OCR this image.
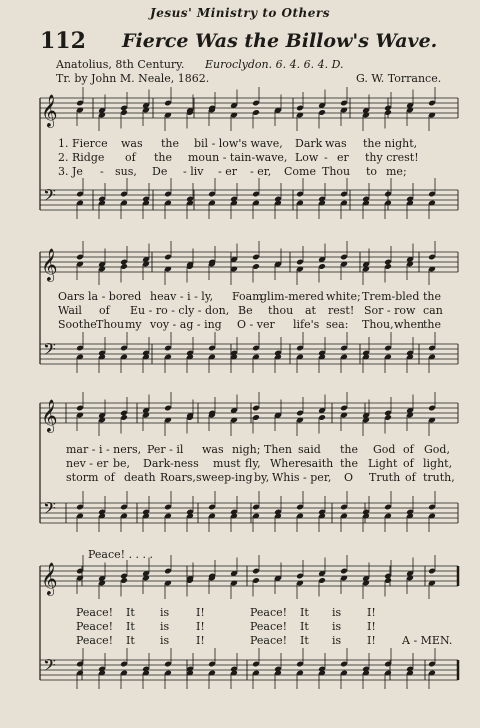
Jesus' Ministry to Others
112 Fierce Was the Billow's Wave.
Anatolius, 8th Century. Euroclydon. 6. 4. 6. 4. D.
Tr. by John M. Neale, 1862.	G. W. Torrance.
𝄞
𝄢
𝄞
𝄢
𝄞
𝄢
𝄞
𝄢
1. Fierce was the bil - low's wave, Dark was the night,
2. Ridge of the moun - tain-wave, Low - er thy crest!
3. Je - sus, De - liv - er - er, Come Thou to me;
Oars la - bored heav - i - ly, Foam
glim-mered white; Trem-bled the
Wail of Eu - ro - cly - don, Be thou at rest! Sor - row can
Soothe Thou my voy - ag - ing O - ver life's sea: Thou, when
the
mar - i - ners, Per - il was nigh; Then said the God of God,
nev - er be, Dark-ness must fly, Where saith the Light of light,
storm of death Roars, sweep-ing by, Whis - per, O Truth of truth,
Peace! . . . .
Peace! It is I!	Peace! It is I!
Peace! It is I!	Peace! It is I!
Peace! It is I!	Peace! It is I! A - MEN.
